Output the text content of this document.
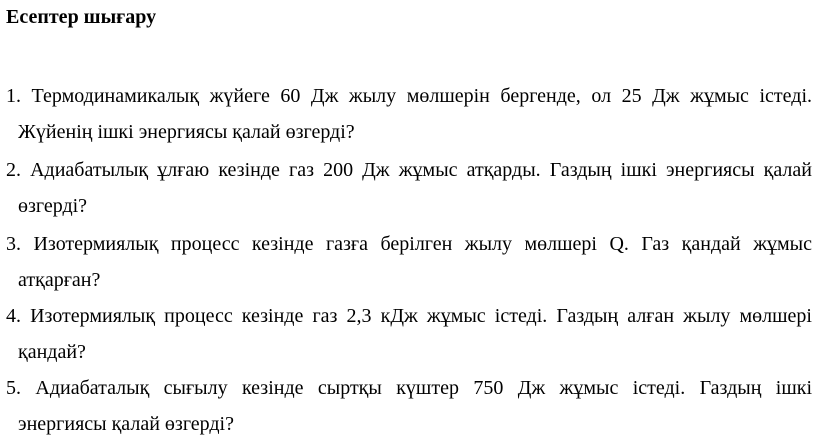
Есептер шығару
1. Термодинамикалық жүйеге 60 Дж жылу мөлшерін бергенде, ол 25 Дж жұмыс істеді.
Жүйенің ішкі энергиясы қалай өзгерді?
2. Адиабатылық ұлғаю кезінде газ 200 Дж жұмыс атқарды. Газдың ішкі энергиясы қалай
өзгерді?
3. Изотермиялық процесс кезінде газға берілген жылу мөлшері Q. Газ қандай жұмыс
атқарған?
4. Изотермиялық процесс кезінде газ 2,3 кДж жұмыс істеді. Газдың алған жылу мөлшері
қандай?
5. Адиабаталық сығылу кезінде сыртқы күштер 750 Дж жұмыс істеді. Газдың ішкі
энергиясы қалай өзгерді?
